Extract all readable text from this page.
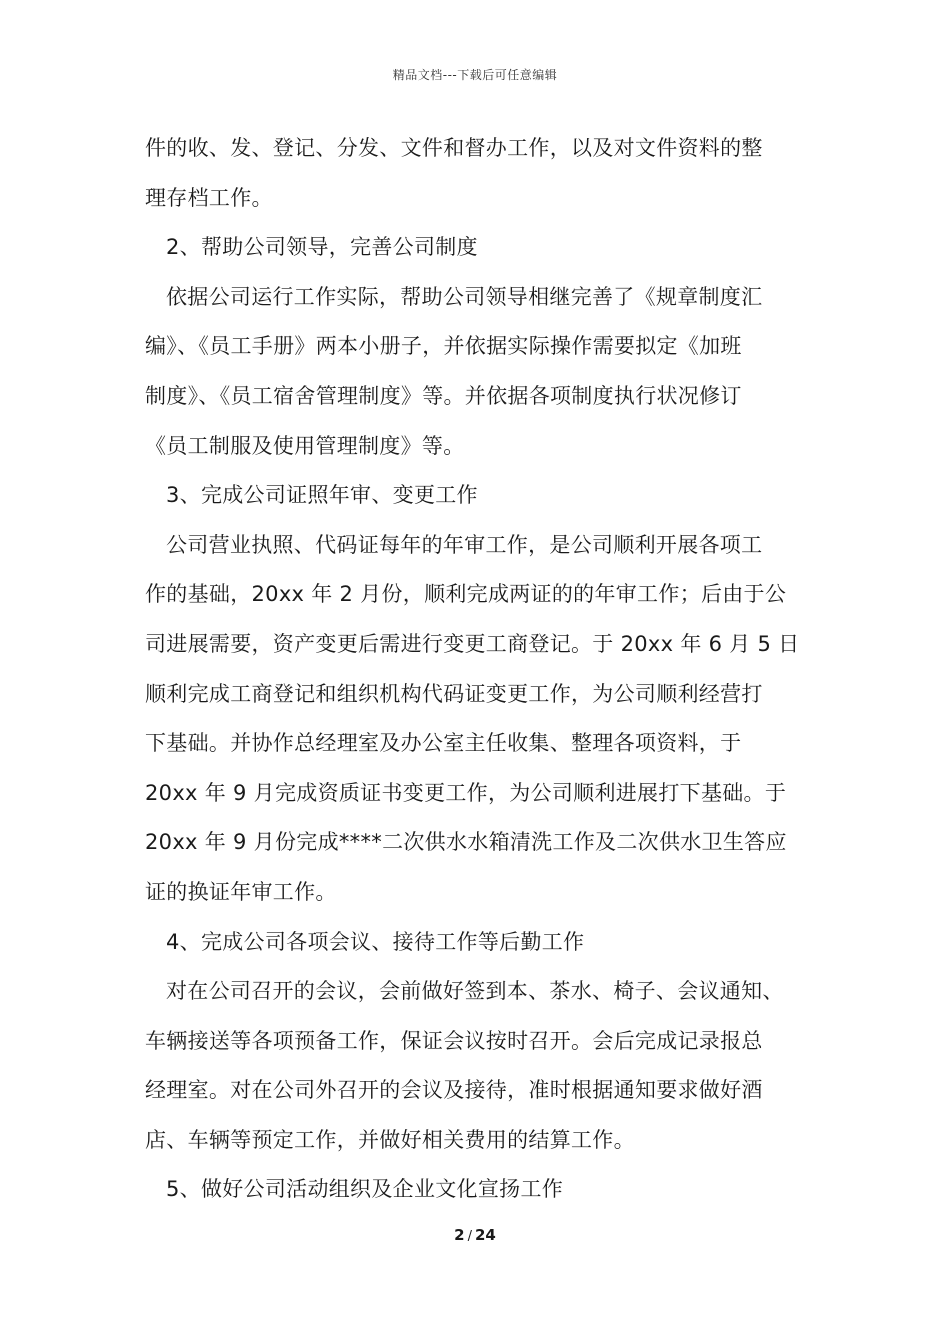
精品文档---下载后可任意编辑
件的收、发、登记、分发、文件和督办工作，以及对文件资料的整
理存档工作。
2、帮助公司领导，完善公司制度
依据公司运行工作实际，帮助公司领导相继完善了《规章制度汇
编》、《员工手册》两本小册子，并依据实际操作需要拟定《加班
制度》、《员工宿舍管理制度》等。并依据各项制度执行状况修订
《员工制服及使用管理制度》等。
3、完成公司证照年审、变更工作
公司营业执照、代码证每年的年审工作，是公司顺利开展各项工
作的基础，20xx 年 2 月份，顺利完成两证的的年审工作；后由于公
司进展需要，资产变更后需进行变更工商登记。于 20xx 年 6 月 5 日
顺利完成工商登记和组织机构代码证变更工作，为公司顺利经营打
下基础。并协作总经理室及办公室主任收集、整理各项资料，于
20xx 年 9 月完成资质证书变更工作，为公司顺利进展打下基础。于
20xx 年 9 月份完成****二次供水水箱清洗工作及二次供水卫生答应
证的换证年审工作。
4、完成公司各项会议、接待工作等后勤工作
对在公司召开的会议，会前做好签到本、茶水、椅子、会议通知、
车辆接送等各项预备工作，保证会议按时召开。会后完成记录报总
经理室。对在公司外召开的会议及接待，准时根据通知要求做好酒
店、车辆等预定工作，并做好相关费用的结算工作。
5、做好公司活动组织及企业文化宣扬工作
2 / 24
